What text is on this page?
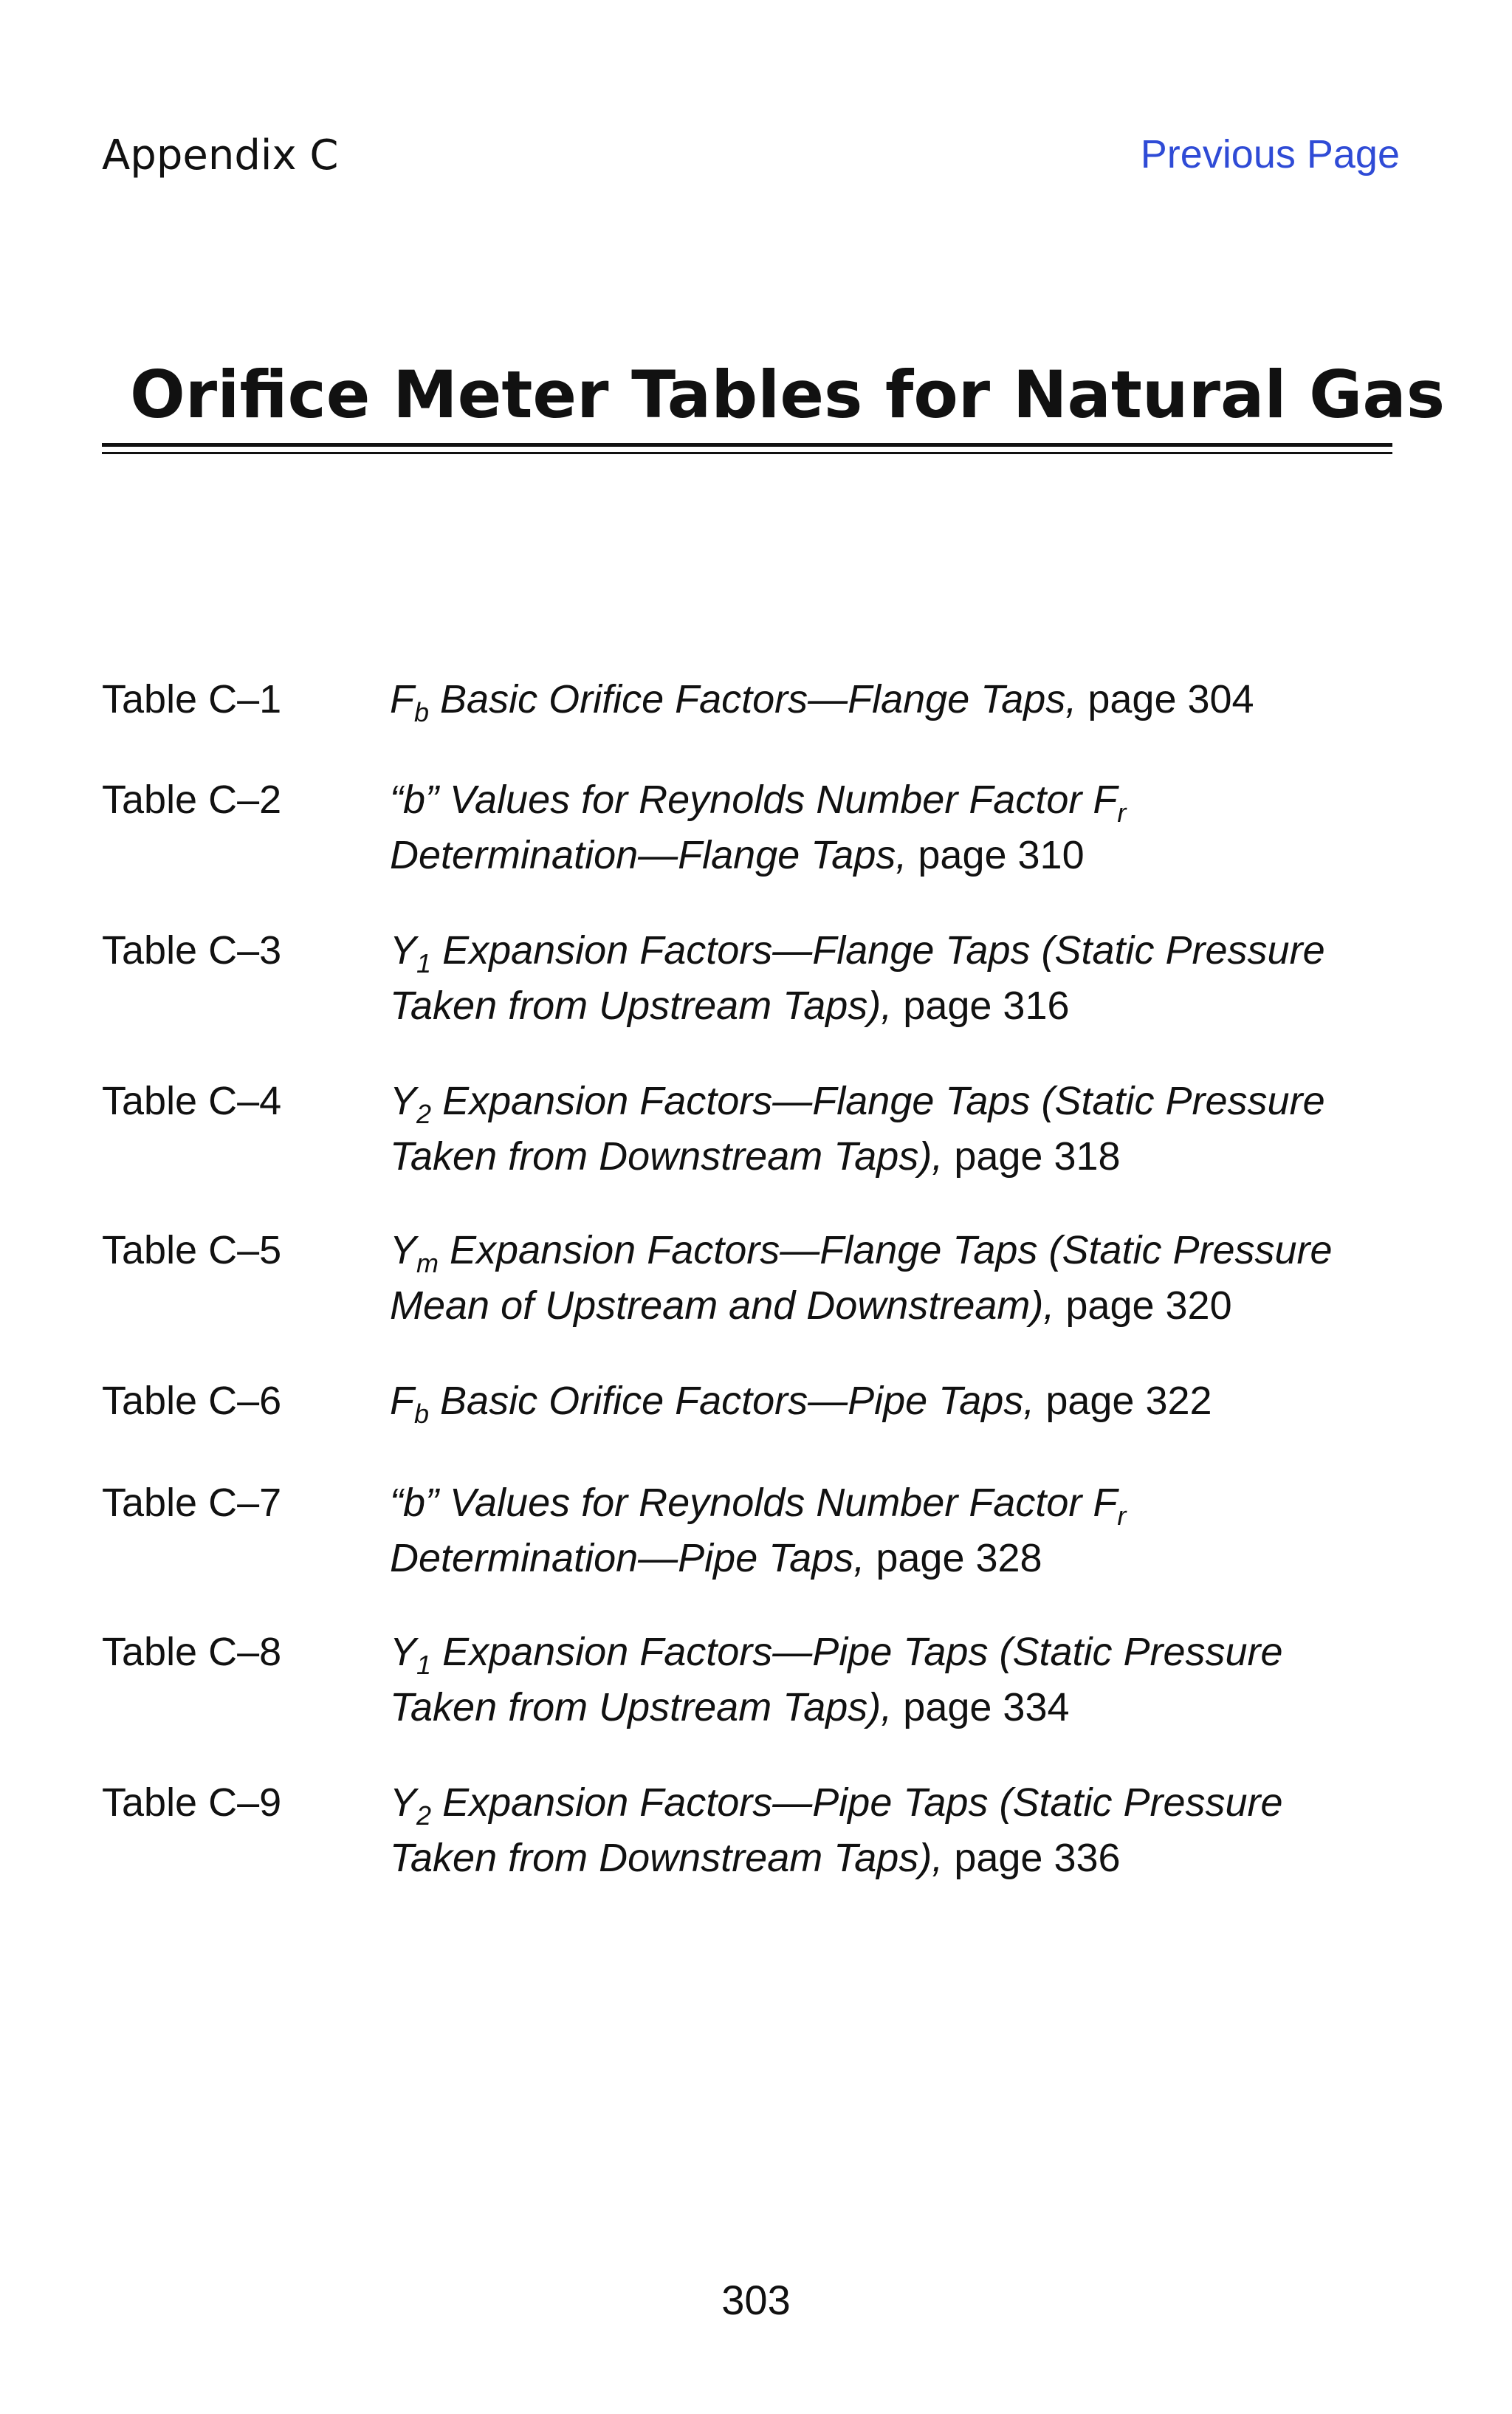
Appendix C	Previous Page
Orifice Meter Tables for Natural Gas
Table C–1	$F_b$ Basic Orifice Factors—Flange Taps, page 304
Table C–2	“b” Values for Reynolds Number Factor $F_r$
Determination—Flange Taps, page 310
Table C–3	$Y_1$ Expansion Factors—Flange Taps (Static Pressure
Taken from Upstream Taps), page 316
Table C–4	$Y_2$ Expansion Factors—Flange Taps (Static Pressure
Taken from Downstream Taps), page 318
Table C–5	$Y_m$ Expansion Factors—Flange Taps (Static Pressure
Mean of Upstream and Downstream), page 320
Table C–6	$F_b$ Basic Orifice Factors—Pipe Taps, page 322
Table C–7	“b” Values for Reynolds Number Factor $F_r$
Determination—Pipe Taps, page 328
Table C–8	$Y_1$ Expansion Factors—Pipe Taps (Static Pressure
Taken from Upstream Taps), page 334
Table C–9	$Y_2$ Expansion Factors—Pipe Taps (Static Pressure
Taken from Downstream Taps), page 336
303
